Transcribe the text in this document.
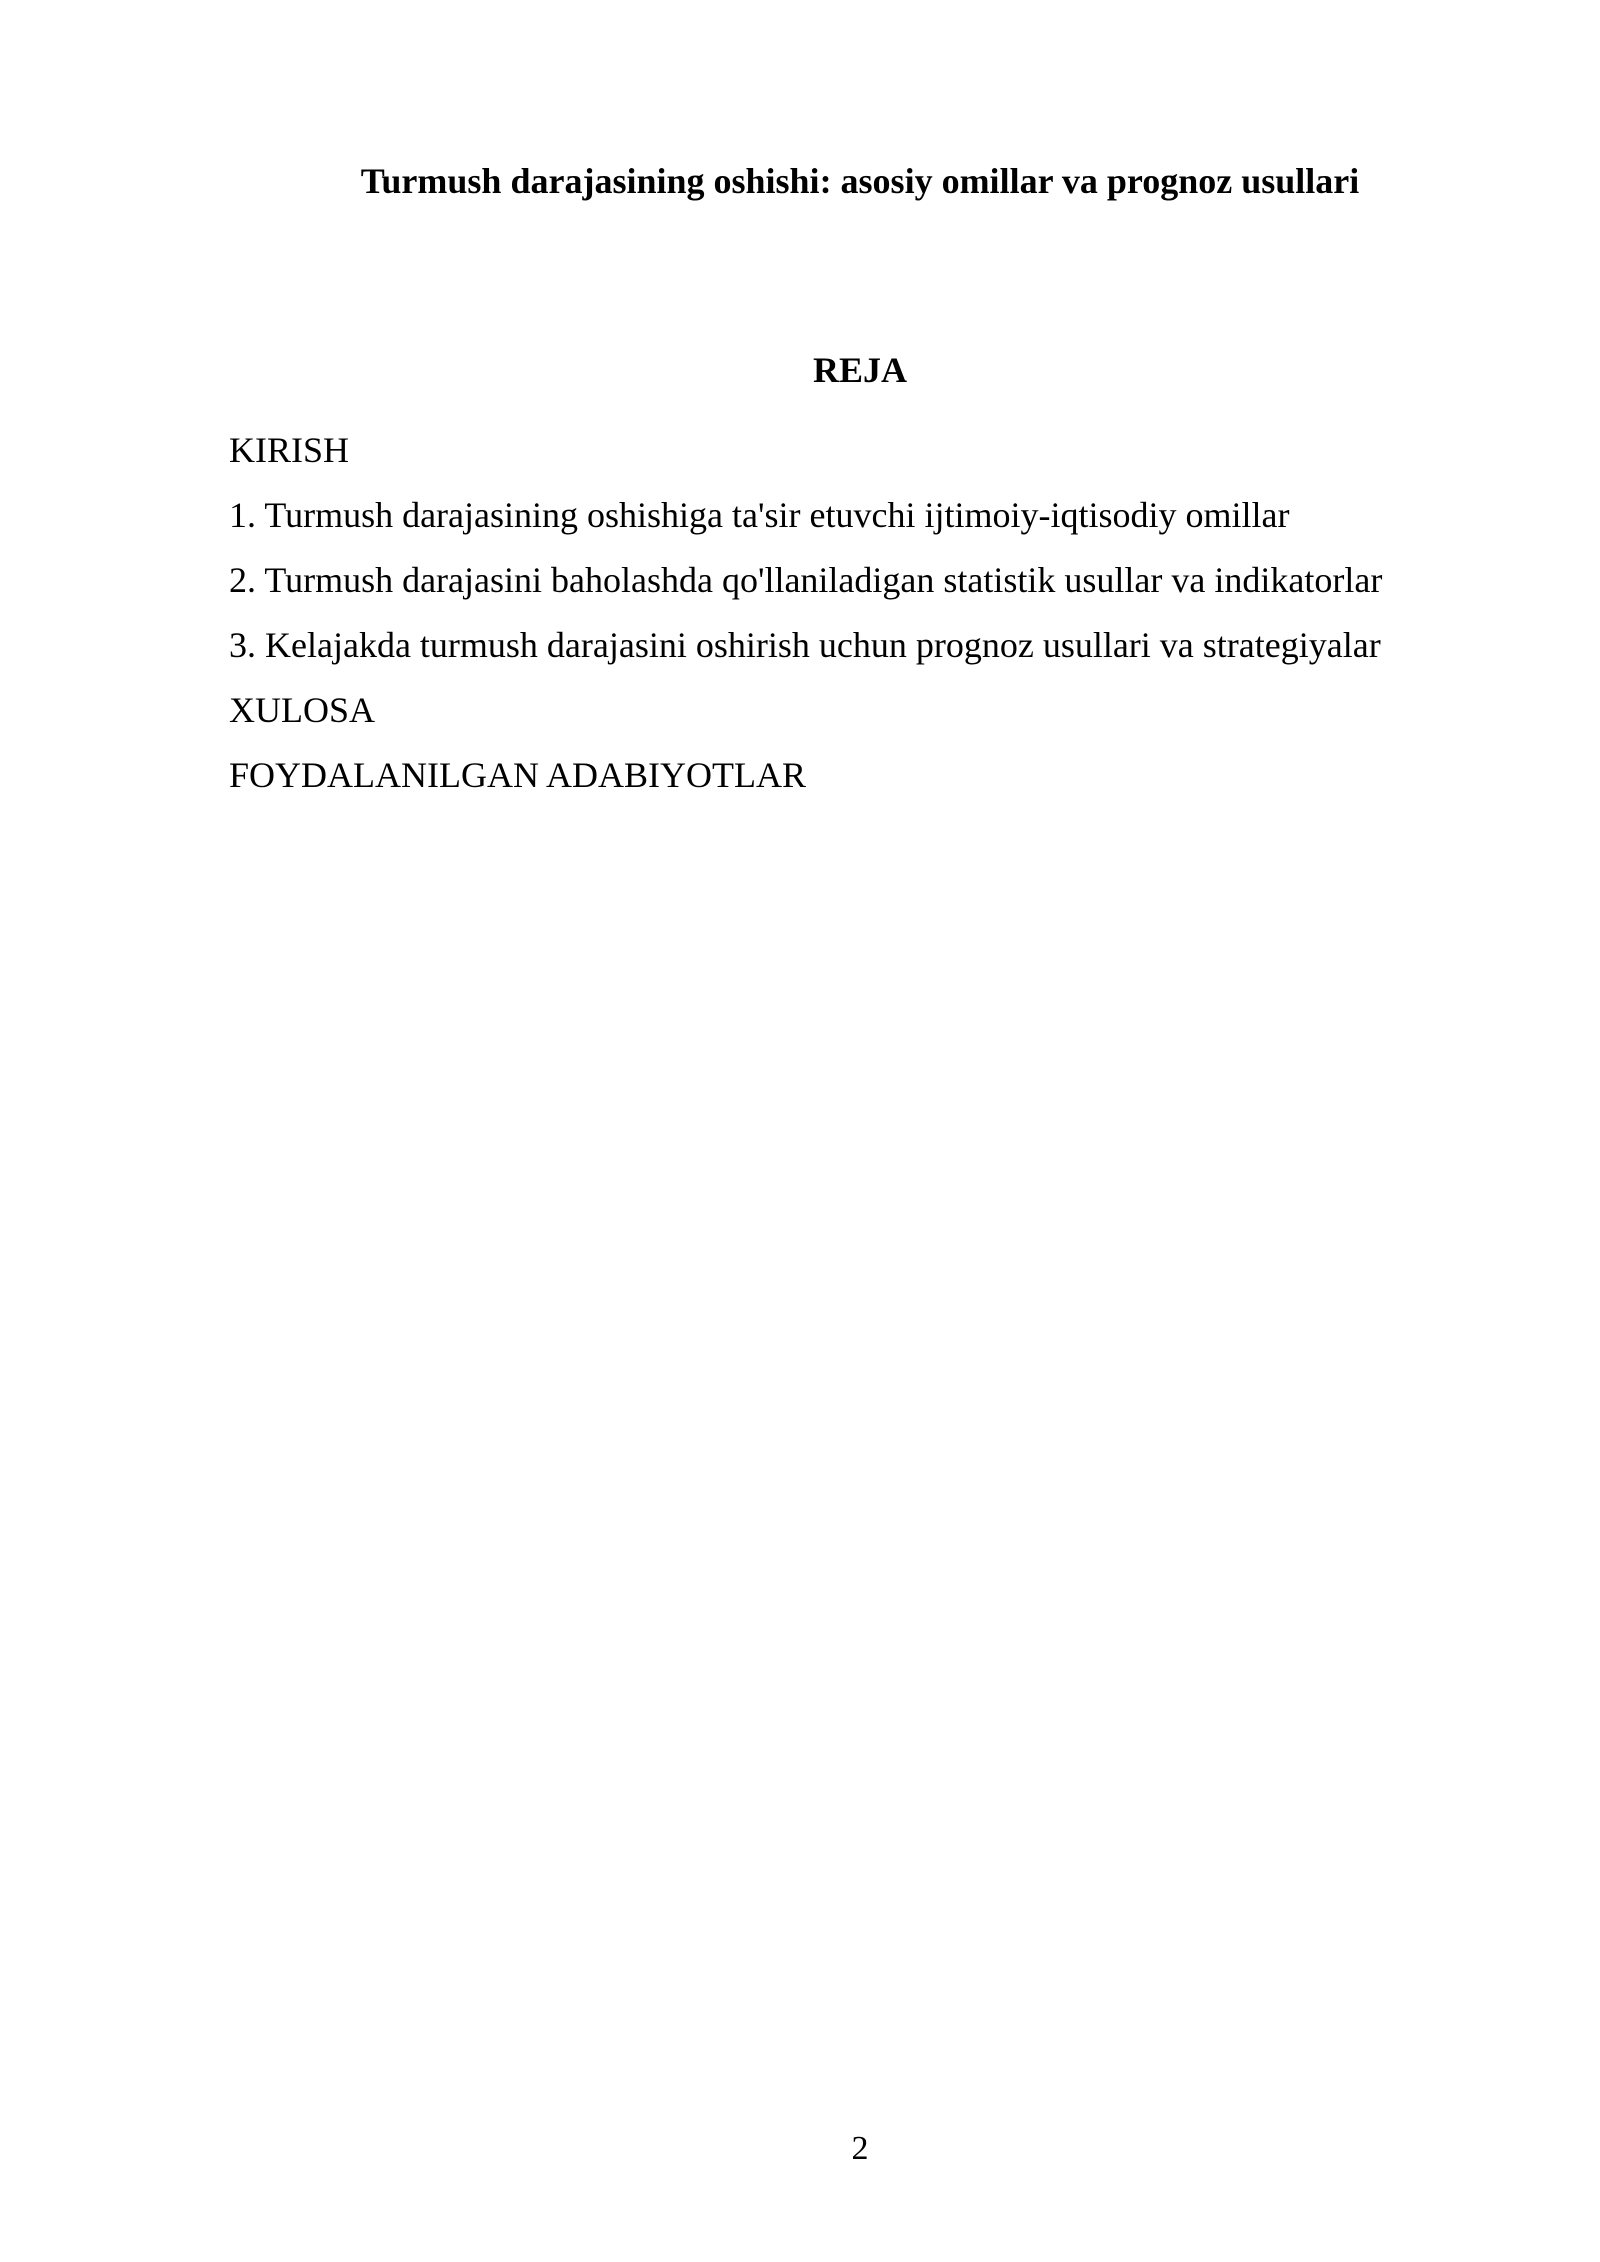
Turmush darajasining oshishi: asosiy omillar va prognoz usullari
REJA
KIRISH
1. Turmush darajasining oshishiga ta'sir etuvchi ijtimoiy-iqtisodiy omillar
2. Turmush darajasini baholashda qo'llaniladigan statistik usullar va indikatorlar
3. Kelajakda turmush darajasini oshirish uchun prognoz usullari va strategiyalar
XULOSA
FOYDALANILGAN ADABIYOTLAR
2
